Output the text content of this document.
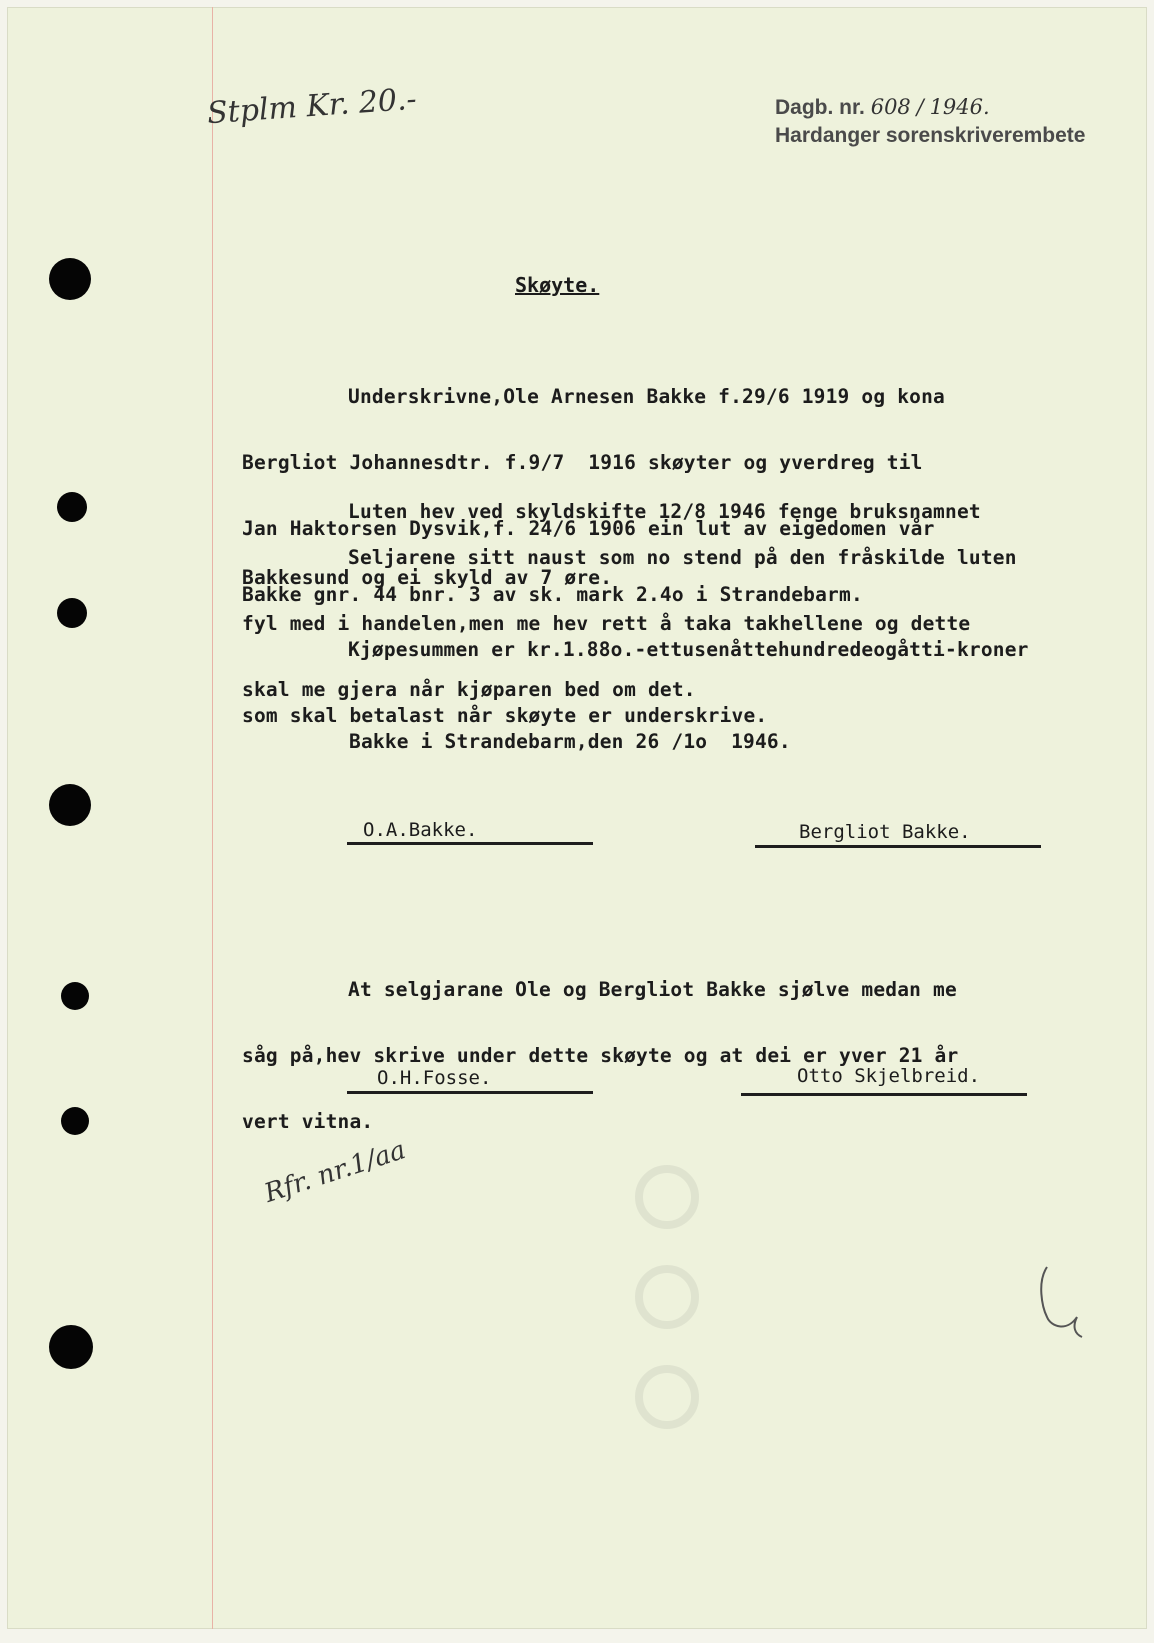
Stplm Kr. 20.-	Dagb. nr. 608 / 1946.
Hardanger sorenskriverembete
Skøyte.

Underskrivne,Ole Arnesen Bakke f.29/6 1919 og kona

Bergliot Johannesdtr. f.9/7  1916 skøyter og yverdreg til

Jan Haktorsen Dysvik,f. 24/6 1906 ein lut av eigedomen vår

Bakke gnr. 44 bnr. 3 av sk. mark 2.4o i Strandebarm.

Luten hev ved skyldskifte 12/8 1946 fenge bruksnamnet

Bakkesund og ei skyld av 7 øre.

Seljarene sitt naust som no stend på den fråskilde luten

fyl med i handelen,men me hev rett å taka takhellene og dette

skal me gjera når kjøparen bed om det.

Kjøpesummen er kr.1.88o.-ettusenåttehundredeogåtti-kroner

som skal betalast når skøyte er underskrive.

Bakke i Strandebarm,den 26 /1o  1946.
O.A.Bakke.	Bergliot Bakke.

At selgjarane Ole og Bergliot Bakke sjølve medan me

såg på,hev skrive under dette skøyte og at dei er yver 21 år

vert vitna.

O.H.Fosse.	Otto Skjelbreid.
Rfr. nr.1/aa
